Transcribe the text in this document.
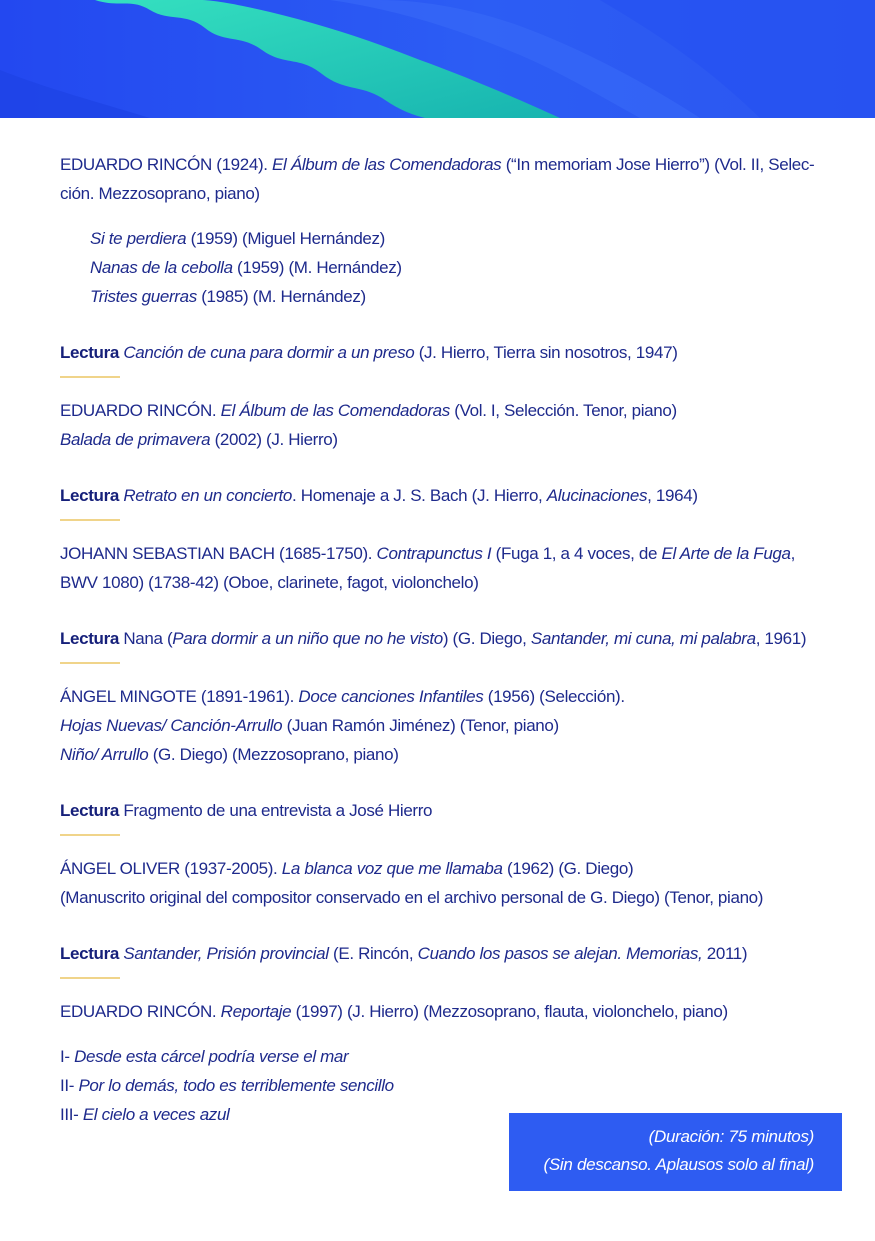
EDUARDO RINCÓN (1924). El Álbum de las Comendadoras (“In memoriam Jose Hierro”) (Vol. II, Selec-
ción. Mezzosoprano, piano)

Si te perdiera (1959) (Miguel Hernández)
Nanas de la cebolla (1959) (M. Hernández)
Tristes guerras (1985) (M. Hernández)

Lectura Canción de cuna para dormir a un preso (J. Hierro, Tierra sin nosotros, 1947)

EDUARDO RINCÓN. El Álbum de las Comendadoras (Vol. I, Selección. Tenor, piano)
Balada de primavera (2002) (J. Hierro)

Lectura Retrato en un concierto. Homenaje a J. S. Bach (J. Hierro, Alucinaciones, 1964)

JOHANN SEBASTIAN BACH (1685-1750). Contrapunctus I (Fuga 1, a 4 voces, de El Arte de la Fuga,
BWV 1080) (1738-42) (Oboe, clarinete, fagot, violonchelo)

Lectura Nana (Para dormir a un niño que no he visto) (G. Diego, Santander, mi cuna, mi palabra, 1961)

ÁNGEL MINGOTE (1891-1961). Doce canciones Infantiles (1956) (Selección).
Hojas Nuevas/ Canción-Arrullo (Juan Ramón Jiménez) (Tenor, piano)
Niño/ Arrullo (G. Diego) (Mezzosoprano, piano)

Lectura Fragmento de una entrevista a José Hierro

ÁNGEL OLIVER (1937-2005). La blanca voz que me llamaba (1962) (G. Diego)
(Manuscrito original del compositor conservado en el archivo personal de G. Diego) (Tenor, piano)

Lectura Santander, Prisión provincial (E. Rincón, Cuando los pasos se alejan. Memorias, 2011)

EDUARDO RINCÓN. Reportaje (1997) (J. Hierro) (Mezzosoprano, flauta, violonchelo, piano)

I- Desde esta cárcel podría verse el mar
II- Por lo demás, todo es terriblemente sencillo
III- El cielo a veces azul
(Duración: 75 minutos)
(Sin descanso. Aplausos solo al final)
